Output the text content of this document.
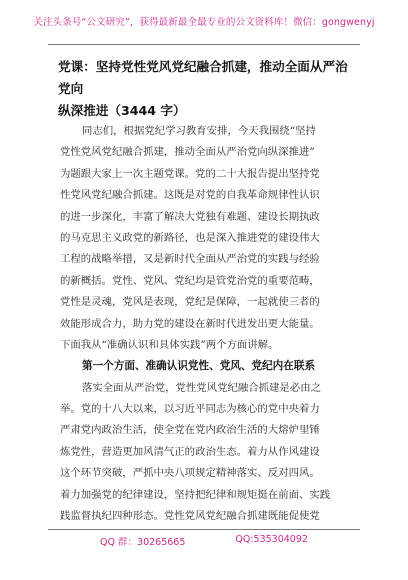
关注头条号“公文研究”，获得最新最全最专业的公文资料库！微信：gongwenyj
党课：坚持党性党风党纪融合抓建，推动全面从严治党向
纵深推进（3444 字）
同志们，根据党纪学习教育安排，今天我围绕“坚持
党性党风党纪融合抓建，推动全面从严治党向纵深推进”
为题跟大家上一次主题党课。党的二十大报告提出坚持党
性党风党纪融合抓建。这既是对党的自我革命规律性认识
的进一步深化，丰富了解决大党独有难题、建设长期执政
的马克思主义政党的新路径，也是深入推进党的建设伟大
工程的战略举措，又是新时代全面从严治党的实践与经验
的新概括。党性、党风、党纪均是管党治党的重要范畴，
党性是灵魂，党风是表现，党纪是保障，一起就使三者的
效能形成合力，助力党的建设在新时代迸发出更大能量。
下面我从“准确认识和具体实践”两个方面讲解。
第一个方面、准确认识党性、党风、党纪内在联系
落实全面从严治党，党性党风党纪融合抓建是必由之
举。党的十八大以来，以习近平同志为核心的党中央着力
严肃党内政治生活，使全党在党内政治生活的大熔炉里锤
炼党性，营造更加风清气正的政治生态。着力从作风建设
这个环节突破，严抓中央八项规定精神落实、反对四风。
着力加强党的纪律建设，坚持把纪律和规矩挺在前面、实践
践监督执纪四种形态。党性党风党纪融合抓建既能促使党
QQ 群：30265665	QQ:535304092
